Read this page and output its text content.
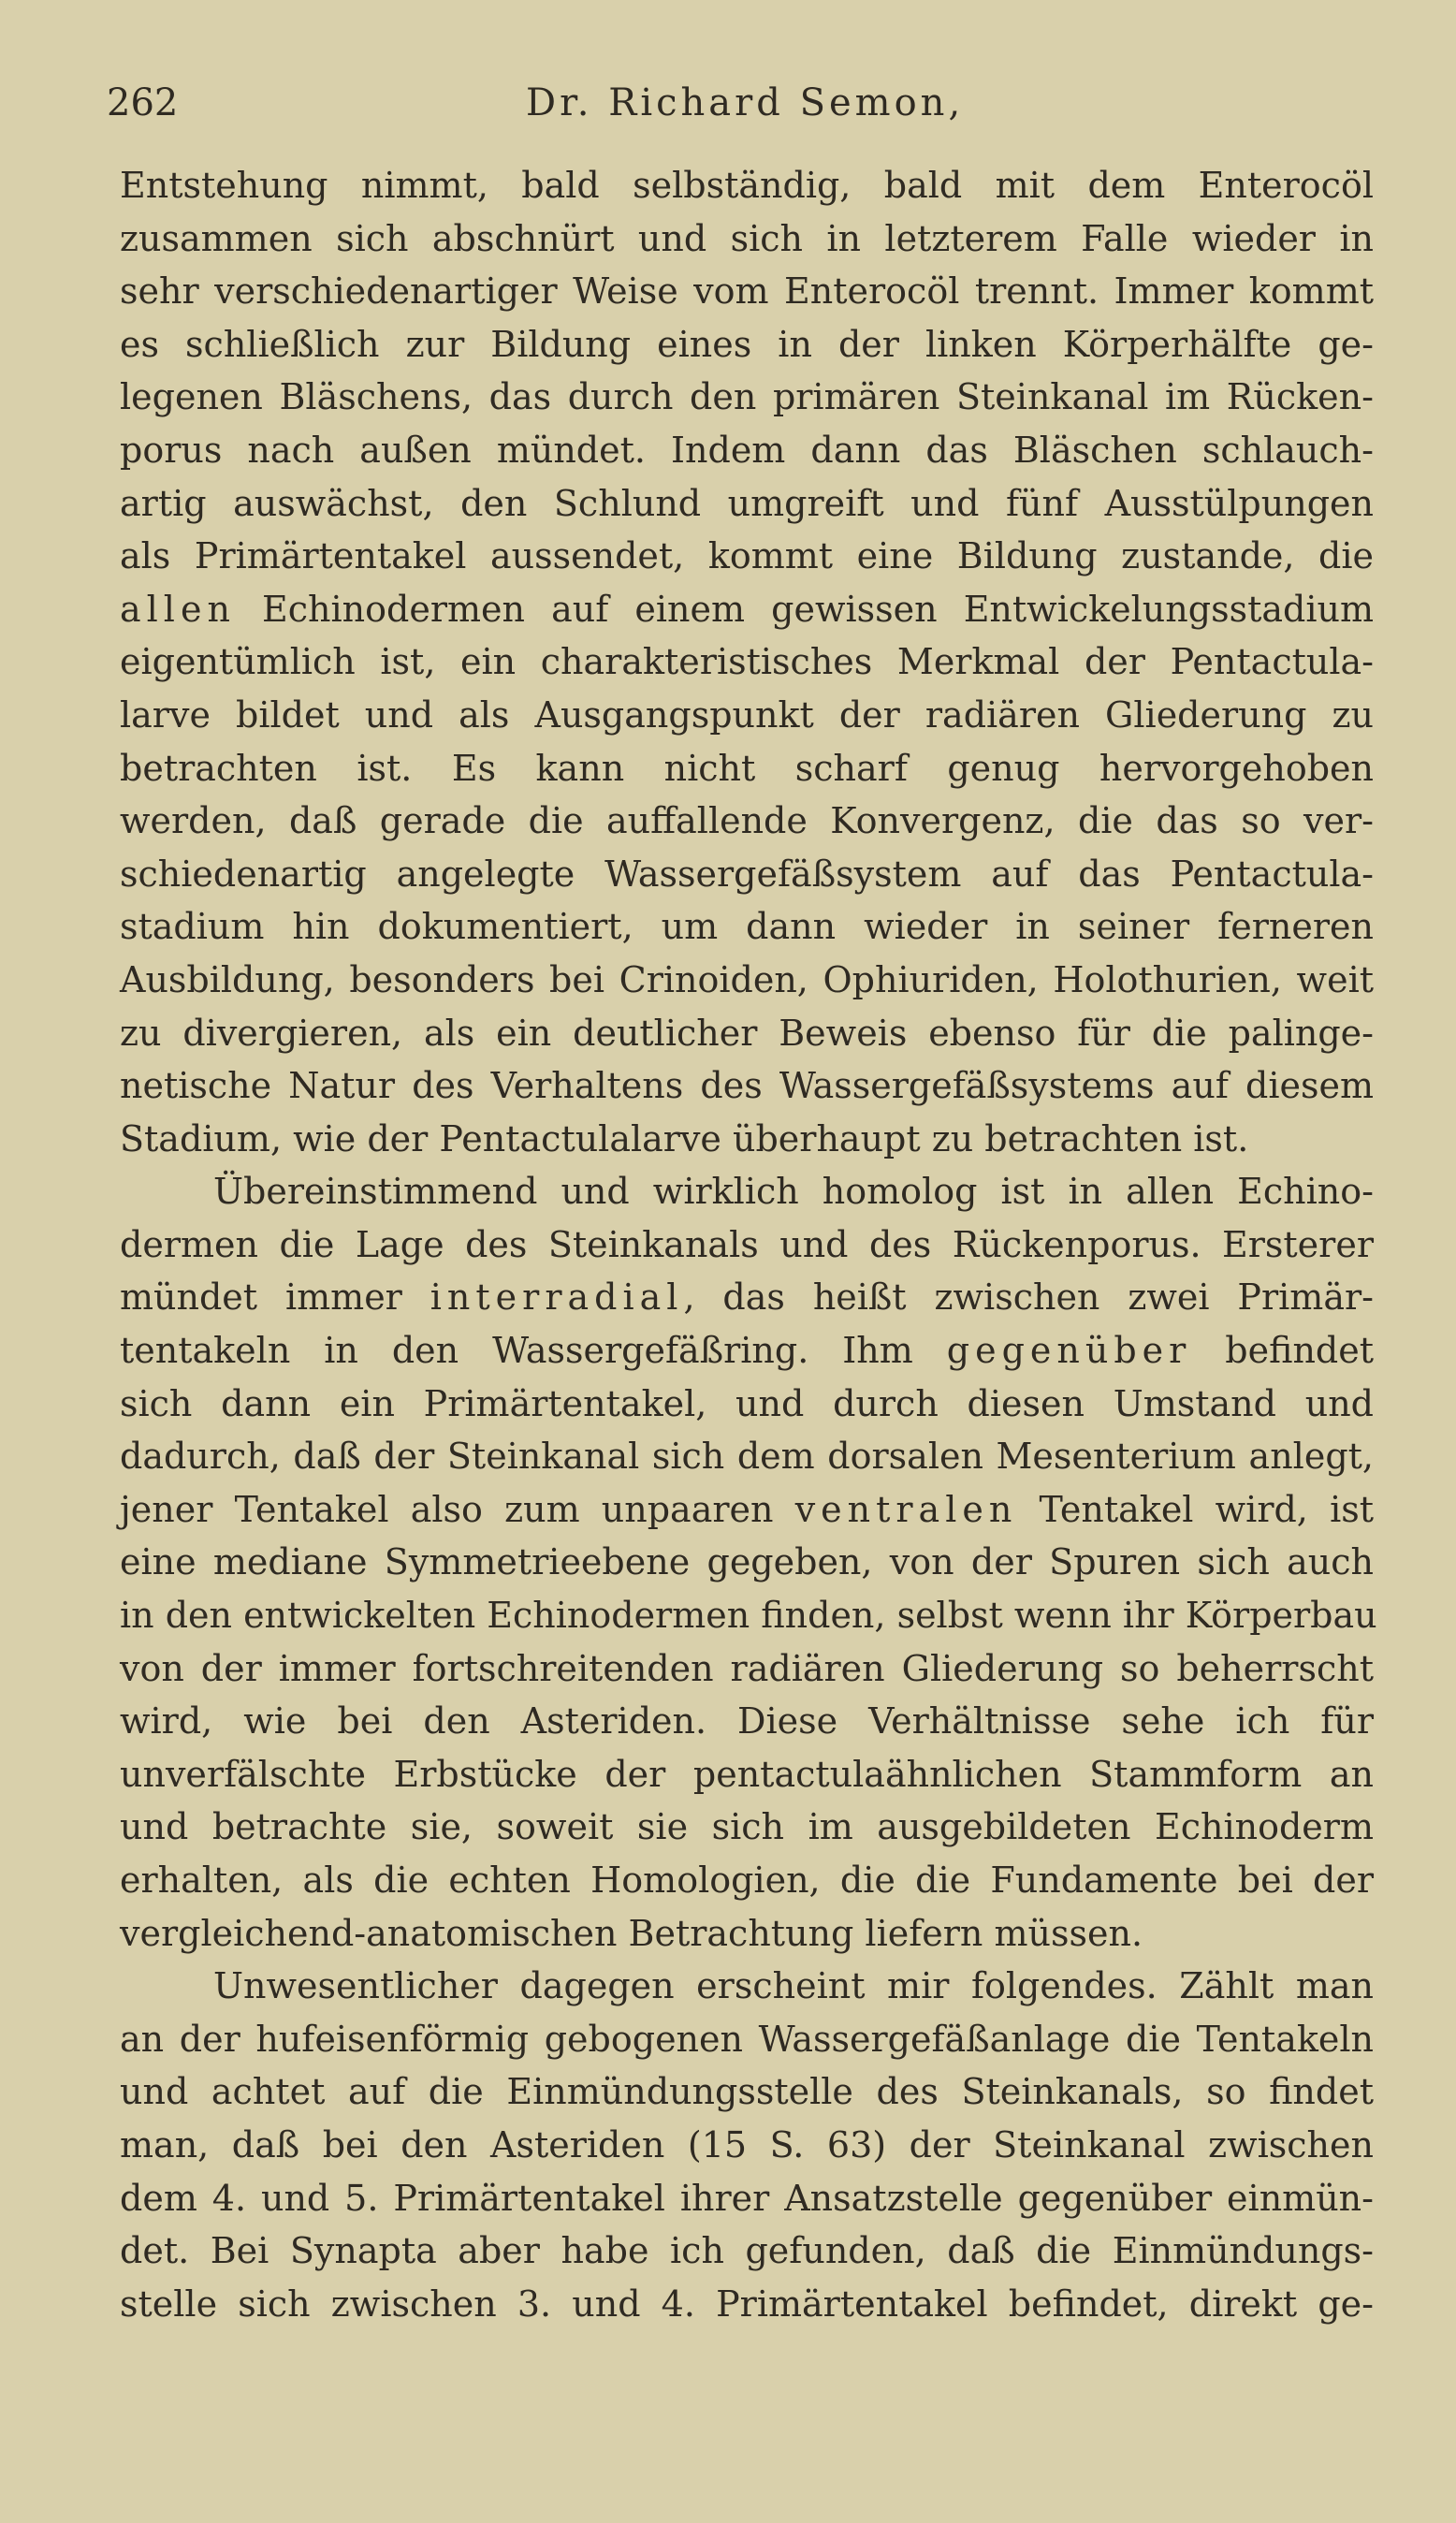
262	Dr. Richard Semon,
Entstehung nimmt, bald selbständig, bald mit dem Enterocöl
zusammen sich abschnürt und sich in letzterem Falle wieder in
sehr verschiedenartiger Weise vom Enterocöl trennt. Immer kommt
es schließlich zur Bildung eines in der linken Körperhälfte ge-
legenen Bläschens, das durch den primären Steinkanal im Rücken-
porus nach außen mündet. Indem dann das Bläschen schlauch-
artig auswächst, den Schlund umgreift und fünf Ausstülpungen
als Primärtentakel aussendet, kommt eine Bildung zustande, die
allen Echinodermen auf einem gewissen Entwickelungsstadium
eigentümlich ist, ein charakteristisches Merkmal der Pentactula-
larve bildet und als Ausgangspunkt der radiären Gliederung zu
betrachten ist. Es kann nicht scharf genug hervorgehoben
werden, daß gerade die auffallende Konvergenz, die das so ver-
schiedenartig angelegte Wassergefäßsystem auf das Pentactula-
stadium hin dokumentiert, um dann wieder in seiner ferneren
Ausbildung, besonders bei Crinoiden, Ophiuriden, Holothurien, weit
zu divergieren, als ein deutlicher Beweis ebenso für die palinge-
netische Natur des Verhaltens des Wassergefäßsystems auf diesem
Stadium, wie der Pentactulalarve überhaupt zu betrachten ist.
Übereinstimmend und wirklich homolog ist in allen Echino-
dermen die Lage des Steinkanals und des Rückenporus. Ersterer
mündet immer interradial, das heißt zwischen zwei Primär-
tentakeln in den Wassergefäßring. Ihm gegenüber befindet
sich dann ein Primärtentakel, und durch diesen Umstand und
dadurch, daß der Steinkanal sich dem dorsalen Mesenterium anlegt,
jener Tentakel also zum unpaaren ventralen Tentakel wird, ist
eine mediane Symmetrieebene gegeben, von der Spuren sich auch
in den entwickelten Echinodermen finden, selbst wenn ihr Körperbau
von der immer fortschreitenden radiären Gliederung so beherrscht
wird, wie bei den Asteriden. Diese Verhältnisse sehe ich für
unverfälschte Erbstücke der pentactulaähnlichen Stammform an
und betrachte sie, soweit sie sich im ausgebildeten Echinoderm
erhalten, als die echten Homologien, die die Fundamente bei der
vergleichend-anatomischen Betrachtung liefern müssen.
Unwesentlicher dagegen erscheint mir folgendes. Zählt man
an der hufeisenförmig gebogenen Wassergefäßanlage die Tentakeln
und achtet auf die Einmündungsstelle des Steinkanals, so findet
man, daß bei den Asteriden (15 S. 63) der Steinkanal zwischen
dem 4. und 5. Primärtentakel ihrer Ansatzstelle gegenüber einmün-
det. Bei Synapta aber habe ich gefunden, daß die Einmündungs-
stelle sich zwischen 3. und 4. Primärtentakel befindet, direkt ge-
